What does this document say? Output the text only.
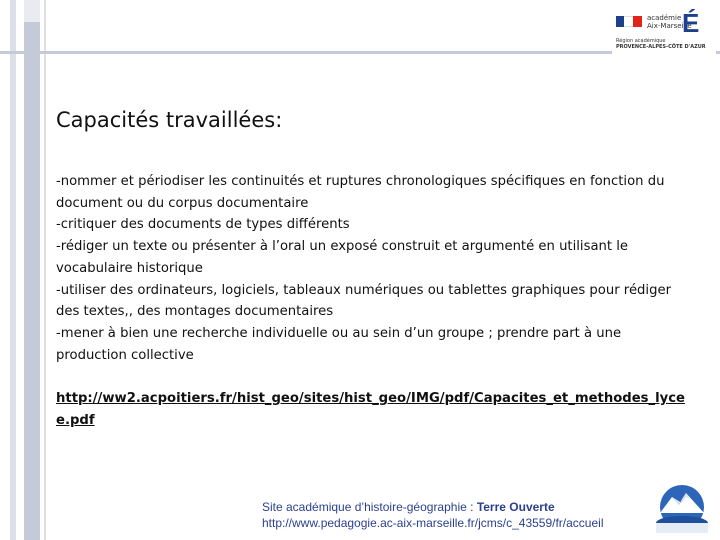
académie
Aix-Marseille
É
Région académique
PROVENCE-ALPES-CÔTE D'AZUR
Capacités travaillées:
-nommer et périodiser les continuités et ruptures chronologiques spécifiques en fonction du document ou du corpus documentaire
-critiquer des documents de types différents
-rédiger un texte ou présenter à l’oral un exposé construit et argumenté en utilisant le vocabulaire historique
-utiliser des ordinateurs, logiciels, tableaux numériques ou tablettes graphiques pour rédiger des textes,, des montages documentaires
-mener à bien une recherche individuelle ou au sein d’un groupe ; prendre part à une production collective
http://ww2.acpoitiers.fr/hist_geo/sites/hist_geo/IMG/pdf/Capacites_et_methodes_lycee.pdf
Site académique d’histoire-géographie : Terre Ouverte
http://www.pedagogie.ac-aix-marseille.fr/jcms/c_43559/fr/accueil
